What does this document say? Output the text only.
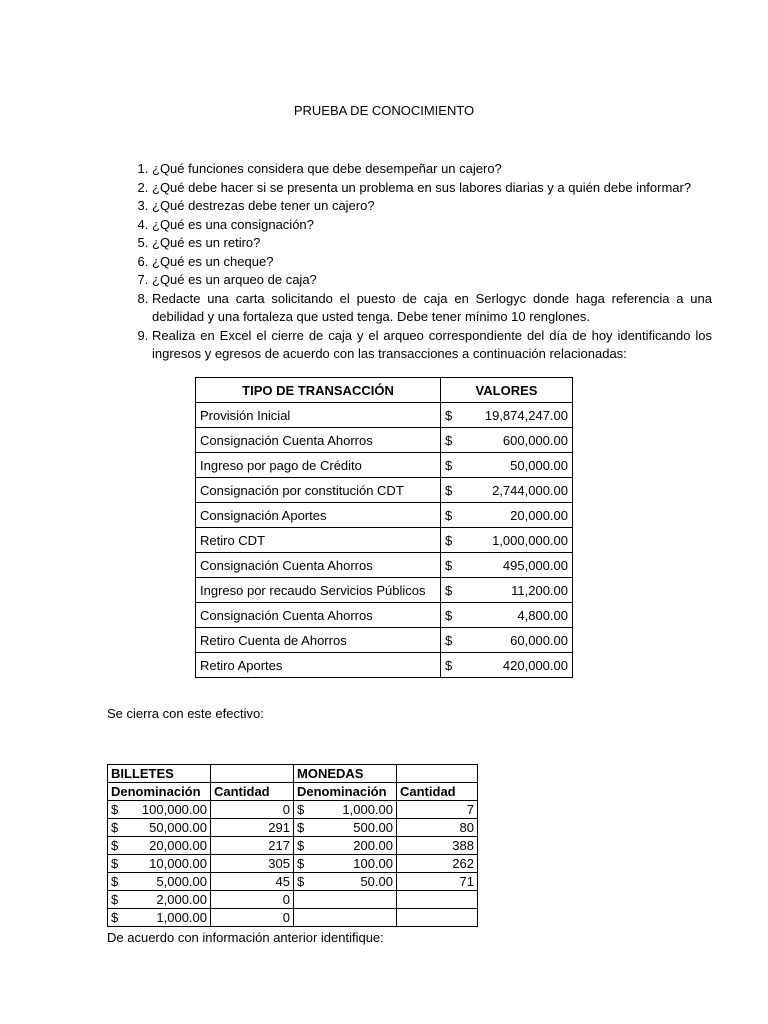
PRUEBA DE CONOCIMIENTO
1. ¿Qué funciones considera que debe desempeñar un cajero?
2. ¿Qué debe hacer si se presenta un problema en sus labores diarias y a quién debe informar?
3. ¿Qué destrezas debe tener un cajero?
4. ¿Qué es una consignación?
5. ¿Qué es un retiro?
6. ¿Qué es un cheque?
7. ¿Qué es un arqueo de caja?
8. Redacte una carta solicitando el puesto de caja en Serlogyc donde haga referencia a una debilidad y una fortaleza que usted tenga. Debe tener mínimo 10 renglones.
9. Realiza en Excel el cierre de caja y el arqueo correspondiente del día de hoy identificando los ingresos y egresos de acuerdo con las transacciones a continuación relacionadas:
TIPO DE TRANSACCIÓN	VALORES
Provisión Inicial	$ 19,874,247.00

Consignación Cuenta Ahorros	$ 600,000.00

Ingreso por pago de Crédito	$ 50,000.00

Consignación por constitución CDT	$ 2,744,000.00

Consignación Aportes	$ 20,000.00

Retiro CDT	$ 1,000,000.00

Consignación Cuenta Ahorros	$ 495,000.00

Ingreso por recaudo Servicios Públicos	$ 11,200.00

Consignación Cuenta Ahorros	$ 4,800.00

Retiro Cuenta de Ahorros	$ 60,000.00

Retiro Aportes	$ 420,000.00
Se cierra con este efectivo:
BILLETES		MONEDAS	
Denominación	Cantidad	Denominación	Cantidad

$ 100,000.00	0	$ 1,000.00	7

$ 50,000.00	291	$ 500.00	80

$ 20,000.00	217	$ 200.00	388

$ 10,000.00	305	$ 100.00	262

$ 5,000.00	45	$ 50.00	71

$ 2,000.00	0		

$ 1,000.00	0		
De acuerdo con información anterior identifique:
